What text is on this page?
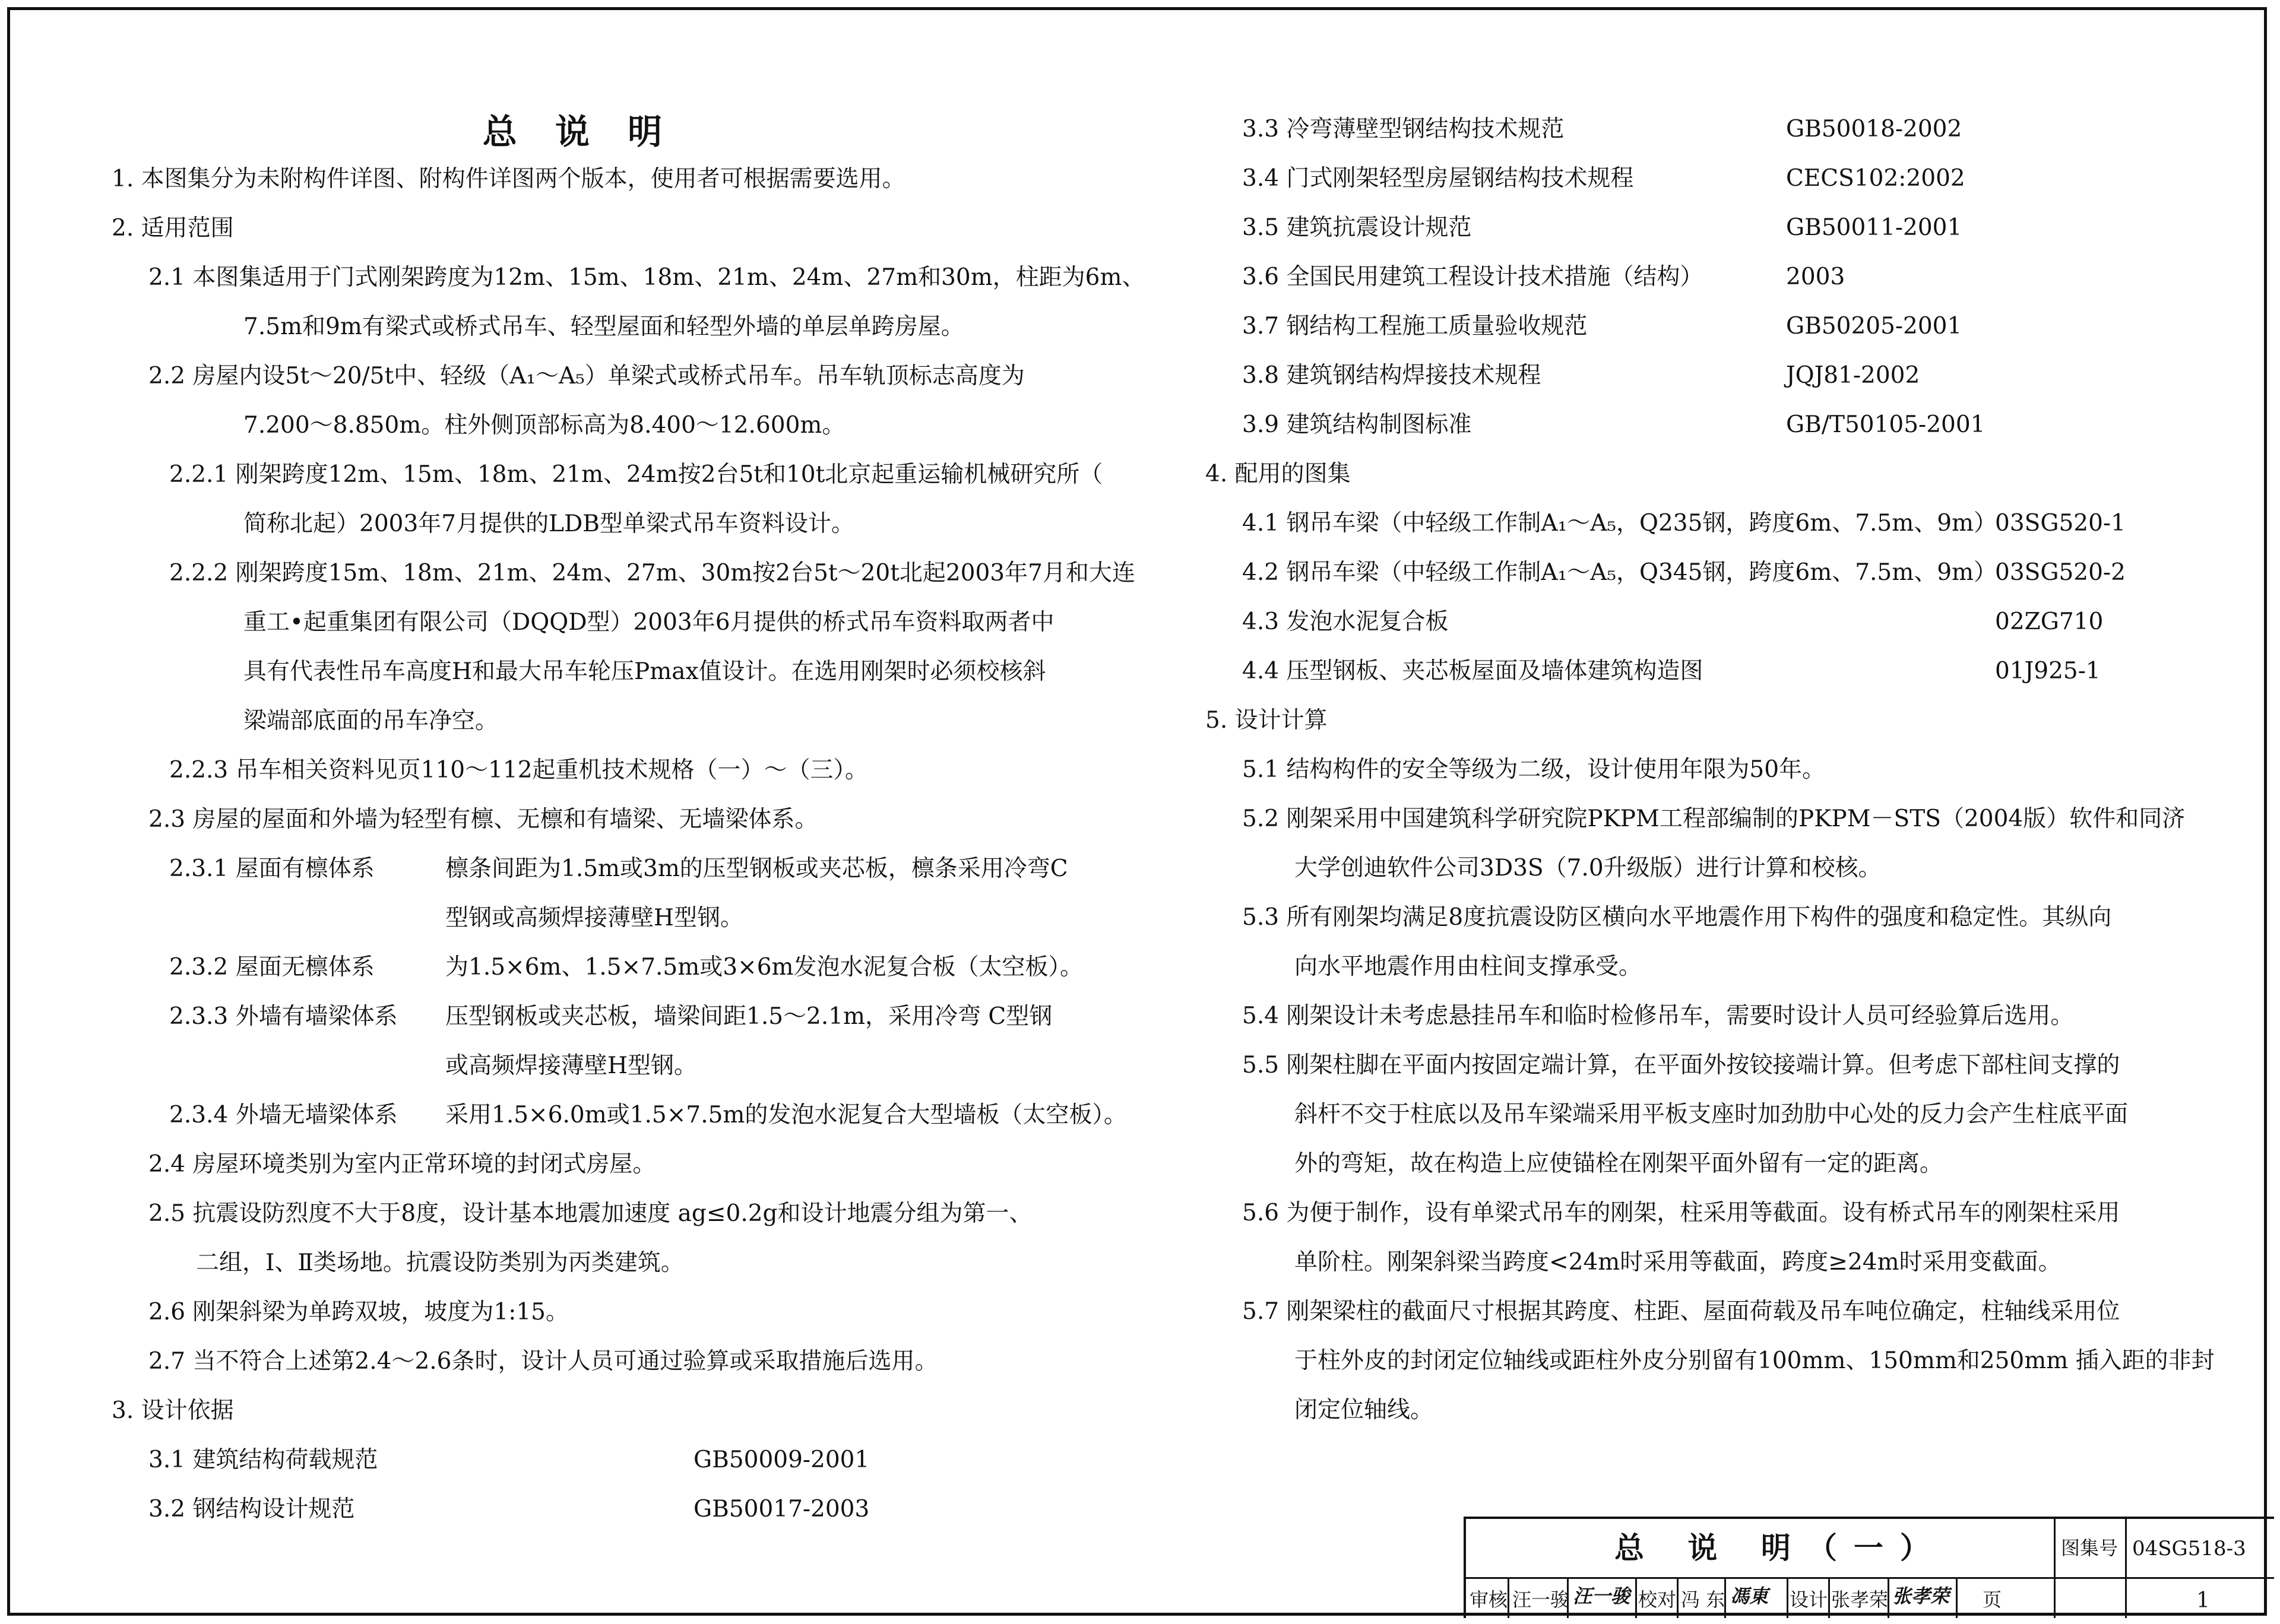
总 说 明
1. 本图集分为未附构件详图、附构件详图两个版本，使用者可根据需要选用。
2. 适用范围
2.1 本图集适用于门式刚架跨度为12m、15m、18m、21m、24m、27m和30m，柱距为6m、
7.5m和9m有梁式或桥式吊车、轻型屋面和轻型外墙的单层单跨房屋。
2.2 房屋内设5t～20/5t中、轻级（A₁～A₅）单梁式或桥式吊车。吊车轨顶标志高度为
7.200～8.850m。柱外侧顶部标高为8.400～12.600m。
2.2.1 刚架跨度12m、15m、18m、21m、24m按2台5t和10t北京起重运输机械研究所（
简称北起）2003年7月提供的LDB型单梁式吊车资料设计。
2.2.2 刚架跨度15m、18m、21m、24m、27m、30m按2台5t～20t北起2003年7月和大连
重工•起重集团有限公司（DQQD型）2003年6月提供的桥式吊车资料取两者中
具有代表性吊车高度H和最大吊车轮压Pmax值设计。在选用刚架时必须校核斜
梁端部底面的吊车净空。
2.2.3 吊车相关资料见页110～112起重机技术规格（一）～（三）。
2.3 房屋的屋面和外墙为轻型有檩、无檩和有墙梁、无墙梁体系。
2.3.1 屋面有檩体系	檩条间距为1.5m或3m的压型钢板或夹芯板，檩条采用冷弯C
型钢或高频焊接薄壁H型钢。
2.3.2 屋面无檩体系	为1.5×6m、1.5×7.5m或3×6m发泡水泥复合板（太空板）。
2.3.3 外墙有墙梁体系 压型钢板或夹芯板，墙梁间距1.5～2.1m，采用冷弯 C型钢
或高频焊接薄壁H型钢。
2.3.4 外墙无墙梁体系 采用1.5×6.0m或1.5×7.5m的发泡水泥复合大型墙板（太空板）。
2.4 房屋环境类别为室内正常环境的封闭式房屋。
2.5 抗震设防烈度不大于8度，设计基本地震加速度 ag≤0.2g和设计地震分组为第一、
二组，Ⅰ、Ⅱ类场地。抗震设防类别为丙类建筑。
2.6 刚架斜梁为单跨双坡，坡度为1:15。
2.7 当不符合上述第2.4～2.6条时，设计人员可通过验算或采取措施后选用。
3. 设计依据
3.1 建筑结构荷载规范	GB50009-2001
3.2 钢结构设计规范	GB50017-2003
3.3 冷弯薄壁型钢结构技术规范	GB50018-2002
3.4 门式刚架轻型房屋钢结构技术规程	CECS102:2002
3.5 建筑抗震设计规范	GB50011-2001
3.6 全国民用建筑工程设计技术措施（结构）	2003
3.7 钢结构工程施工质量验收规范	GB50205-2001
3.8 建筑钢结构焊接技术规程	JQJ81-2002
3.9 建筑结构制图标准	GB/T50105-2001
4. 配用的图集
4.1 钢吊车梁（中轻级工作制A₁～A₅，Q235钢，跨度6m、7.5m、9m）
03SG520-1
4.2 钢吊车梁（中轻级工作制A₁～A₅，Q345钢，跨度6m、7.5m、9m）
03SG520-2
4.3 发泡水泥复合板	02ZG710
4.4 压型钢板、夹芯板屋面及墙体建筑构造图	01J925-1
5. 设计计算
5.1 结构构件的安全等级为二级，设计使用年限为50年。
5.2 刚架采用中国建筑科学研究院PKPM工程部编制的PKPM－STS（2004版）软件和同济
大学创迪软件公司3D3S（7.0升级版）进行计算和校核。
5.3 所有刚架均满足8度抗震设防区横向水平地震作用下构件的强度和稳定性。其纵向
向水平地震作用由柱间支撑承受。
5.4 刚架设计未考虑悬挂吊车和临时检修吊车，需要时设计人员可经验算后选用。
5.5 刚架柱脚在平面内按固定端计算，在平面外按铰接端计算。但考虑下部柱间支撑的
斜杆不交于柱底以及吊车梁端采用平板支座时加劲肋中心处的反力会产生柱底平面
外的弯矩，故在构造上应使锚栓在刚架平面外留有一定的距离。
5.6 为便于制作，设有单梁式吊车的刚架，柱采用等截面。设有桥式吊车的刚架柱采用
单阶柱。刚架斜梁当跨度<24m时采用等截面，跨度≥24m时采用变截面。
5.7 刚架梁柱的截面尺寸根据其跨度、柱距、屋面荷载及吊车吨位确定，柱轴线采用位
于柱外皮的封闭定位轴线或距柱外皮分别留有100mm、150mm和250mm 插入距的非封
闭定位轴线。
总 说 明（一）	图集号 04SG518-3
审核 汪一骏 汪一骏 校对 冯 东 馮東 设计 张孝荣 张孝荣 页	1
